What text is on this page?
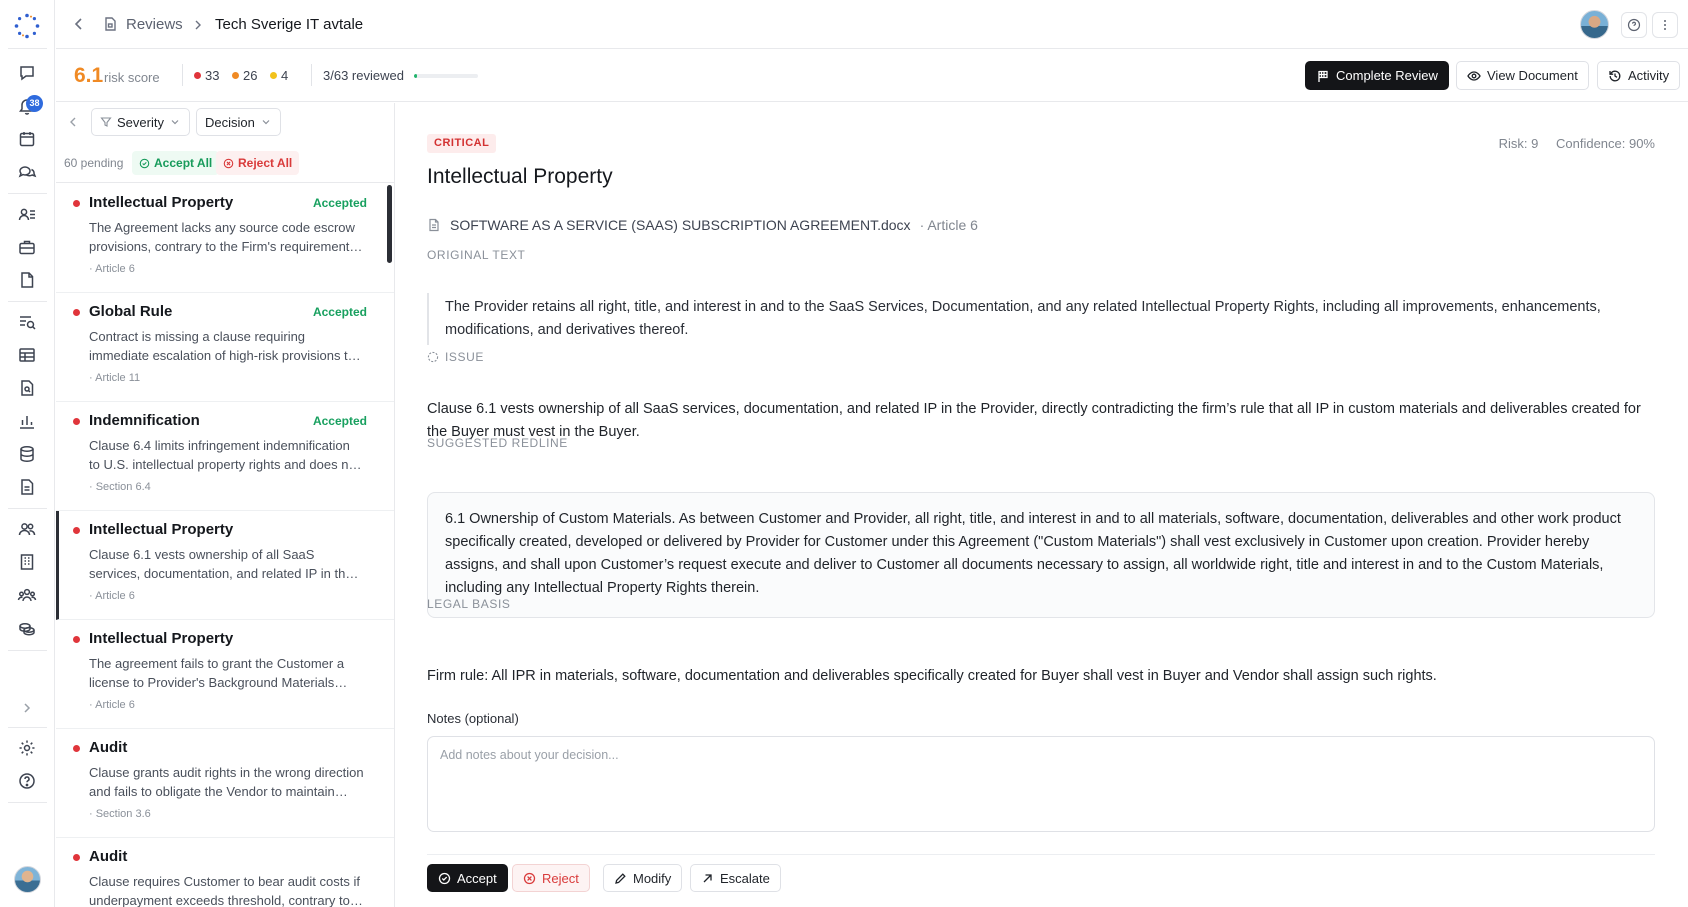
38
Reviews Tech Sverige IT avtale
6.1 risk score	33 26 4	3/63 reviewed	Complete Review	View Document	Activity
Severity	Decision
60 pending	Accept All Reject All
Intellectual Property	Accepted
The Agreement lacks any source code escrow provisions, contrary to the Firm's requirement
· Article 6
Global Rule	Accepted
Contract is missing a clause requiring immediate escalation of high-risk provisions to
· Article 11
Indemnification	Accepted
Clause 6.4 limits infringement indemnification to U.S. intellectual property rights and does not
· Section 6.4
Intellectual Property
Clause 6.1 vests ownership of all SaaS services, documentation, and related IP in the
· Article 6
Intellectual Property
The agreement fails to grant the Customer a license to Provider's Background Materials
· Article 6
Audit
Clause grants audit rights in the wrong direction and fails to obligate the Vendor to maintain
· Section 3.6
Audit
Clause requires Customer to bear audit costs if underpayment exceeds threshold, contrary to
CRITICAL	Risk: 9 Confidence: 90%
Intellectual Property
SOFTWARE AS A SERVICE (SAAS) SUBSCRIPTION AGREEMENT.docx · Article 6
ORIGINAL TEXT
The Provider retains all right, title, and interest in and to the SaaS Services, Documentation, and any related Intellectual Property Rights, including all improvements, enhancements, modifications, and derivatives thereof.
ISSUE
Clause 6.1 vests ownership of all SaaS services, documentation, and related IP in the Provider, directly contradicting the firm’s rule that all IP in custom materials and deliverables created for the Buyer must vest in the Buyer.
SUGGESTED REDLINE
6.1 Ownership of Custom Materials. As between Customer and Provider, all right, title, and interest in and to all materials, software, documentation, deliverables and other work product specifically created, developed or delivered by Provider for Customer under this Agreement ("Custom Materials") shall vest exclusively in Customer upon creation. Provider hereby assigns, and shall upon Customer’s request execute and deliver to Customer all documents necessary to assign, all worldwide right, title and interest in and to the Custom Materials, including any Intellectual Property Rights therein.
LEGAL BASIS
Firm rule: All IPR in materials, software, documentation and deliverables specifically created for Buyer shall vest in Buyer and Vendor shall assign such rights.
Notes (optional)
Add notes about your decision...
Accept	Reject	Modify	Escalate
